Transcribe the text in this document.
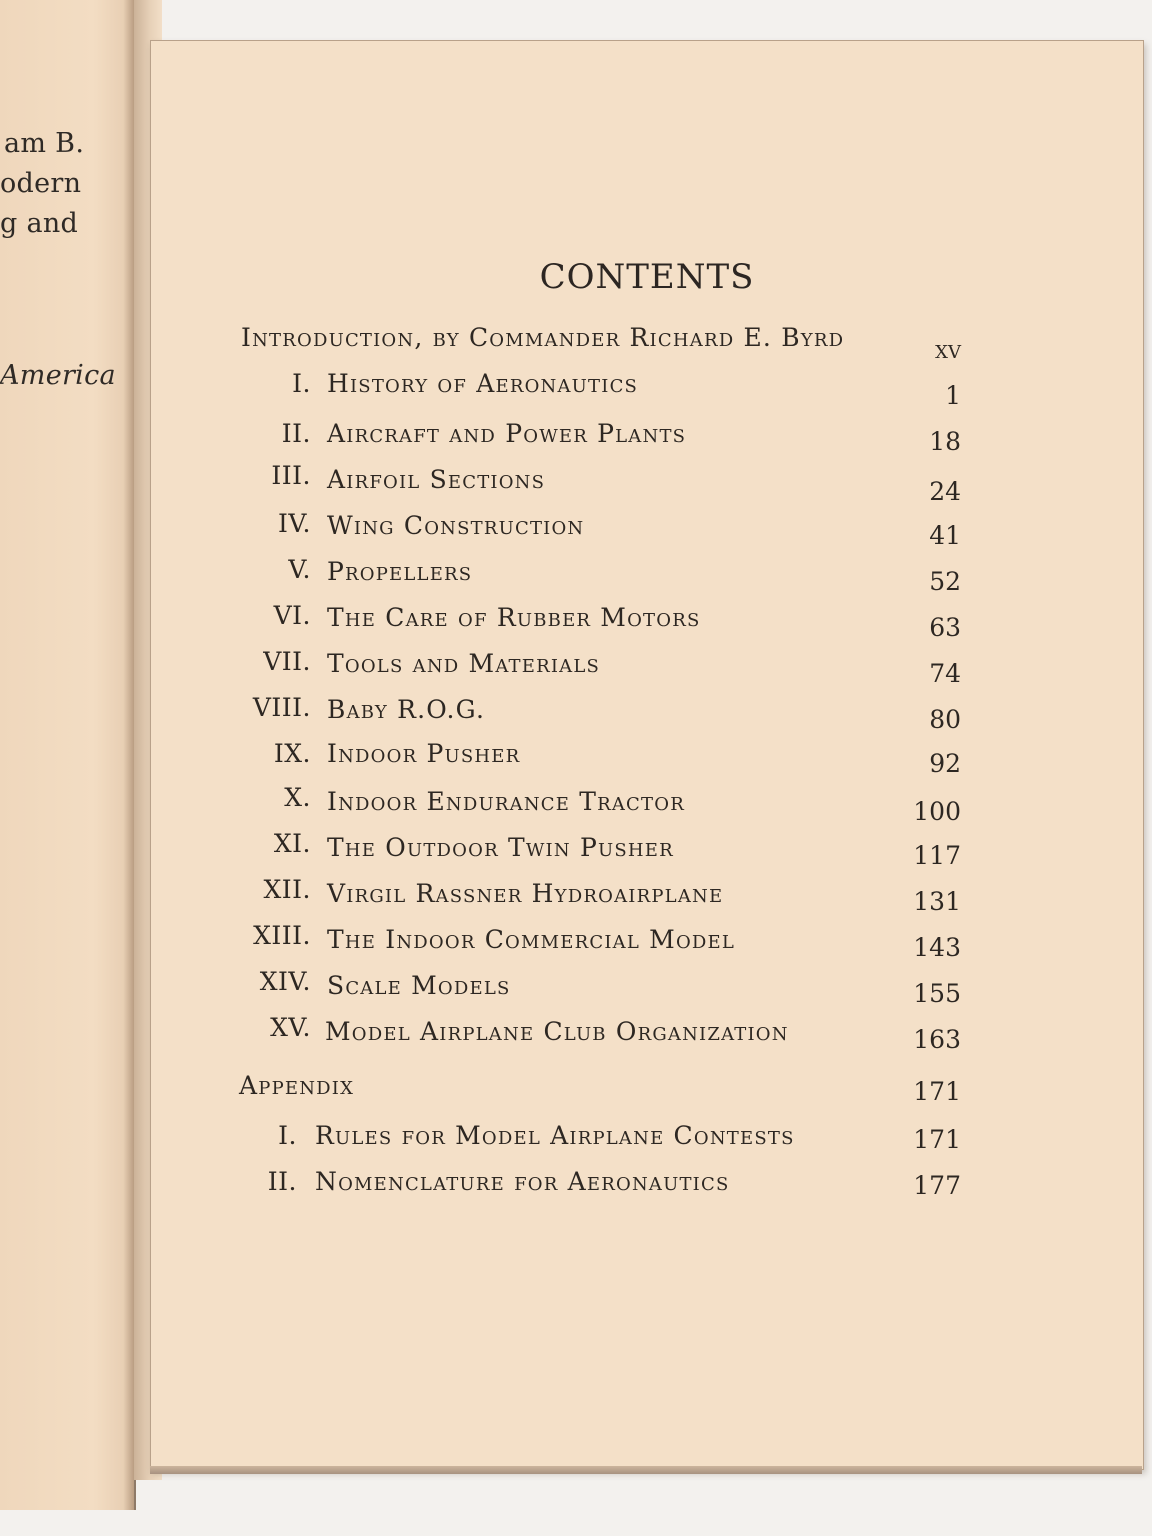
am B.
odern
g and
America
CONTENTS
Introduction, by Commander Richard E. Byrd	xv
I. History of Aeronautics	1
II. Aircraft and Power Plants	18
III. Airfoil Sections	24
IV. Wing Construction	41
V. Propellers	52
VI. The Care of Rubber Motors	63
VII. Tools and Materials	74
VIII. Baby R.O.G.	80
IX. Indoor Pusher	92
X. Indoor Endurance Tractor	100
XI. The Outdoor Twin Pusher	117
XII. Virgil Rassner Hydroairplane	131
XIII. The Indoor Commercial Model	143
XIV. Scale Models	155
XV. Model Airplane Club Organization	163
Appendix	171
I. Rules for Model Airplane Contests	171
II. Nomenclature for Aeronautics	177
